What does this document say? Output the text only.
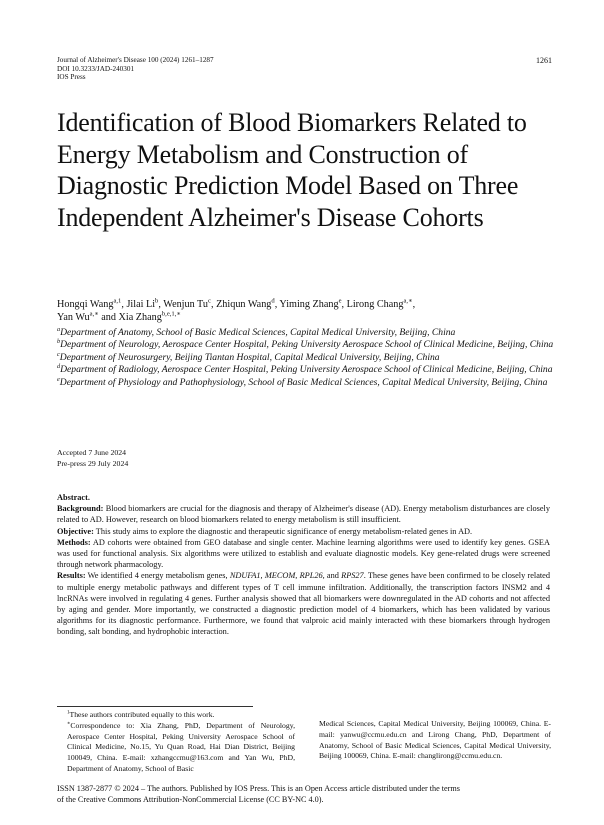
Journal of Alzheimer's Disease 100 (2024) 1261–1287
DOI 10.3233/JAD-240301
IOS Press
1261
Identification of Blood Biomarkers Related to Energy Metabolism and Construction of Diagnostic Prediction Model Based on Three Independent Alzheimer's Disease Cohorts
Hongqi Wang$^{a,1}$, Jilai Li$^b$, Wenjun Tu$^c$, Zhiqun Wang$^d$, Yiming Zhang$^e$, Lirong Chang$^{a,∗}$,
Yan $Wu^{a,∗}$ and Xia Zhang$^{b,e,1,∗}$

$^a$Department of Anatomy, School of Basic Medical Sciences, Capital Medical University, Beijing, China

$^b$Department of Neurology, Aerospace Center Hospital, Peking University Aerospace School of Clinical Medicine, Beijing, China

$^c$Department of Neurosurgery, Beijing Tiantan Hospital, Capital Medical University, Beijing, China

$^d$Department of Radiology, Aerospace Center Hospital, Peking University Aerospace School of Clinical Medicine, Beijing, China

$^e$Department of Physiology and Pathophysiology, School of Basic Medical Sciences, Capital Medical University, Beijing, China

Accepted 7 June 2024
Pre-press 29 July 2024

Abstract.

Background: Blood biomarkers are crucial for the diagnosis and therapy of Alzheimer's disease (AD). Energy metabolism disturbances are closely related to AD. However, research on blood biomarkers related to energy metabolism is still insufficient.

Objective: This study aims to explore the diagnostic and therapeutic significance of energy metabolism-related genes in AD.

Methods: AD cohorts were obtained from GEO database and single center. Machine learning algorithms were used to identify key genes. GSEA was used for functional analysis. Six algorithms were utilized to establish and evaluate diagnostic models. Key gene-related drugs were screened through network pharmacology.

Results: We identified 4 energy metabolism genes, NDUFA1, MECOM, RPL26, and RPS27. These genes have been confirmed to be closely related to multiple energy metabolic pathways and different types of T cell immune infiltration. Additionally, the transcription factors INSM2 and 4 lncRNAs were involved in regulating 4 genes. Further analysis showed that all biomarkers were downregulated in the AD cohorts and not affected by aging and gender. More importantly, we constructed a diagnostic prediction model of 4 biomarkers, which has been validated by various algorithms for its diagnostic performance. Furthermore, we found that valproic acid mainly interacted with these biomarkers through hydrogen bonding, salt bonding, and hydrophobic interaction.

$^1$These authors contributed equally to this work.

∗Correspondence to: Xia Zhang, PhD, Department of Neurology, Aerospace Center Hospital, Peking University Aerospace School of Clinical Medicine, No.15, Yu Quan Road, Hai Dian District, Beijing 100049, China. E-mail: xzhangccmu@163.com and Yan Wu, PhD, Department of Anatomy, School of Basic

Medical Sciences, Capital Medical University, Beijing 100069, China. E-mail: yanwu@ccmu.edu.cn and Lirong Chang, PhD, Department of Anatomy, School of Basic Medical Sciences, Capital Medical University, Beijing 100069, China. E-mail: changlirong@ccmu.edu.cn.
ISSN 1387-2877 © 2024 – The authors. Published by IOS Press. This is an Open Access article distributed under the terms
of the Creative Commons Attribution-NonCommercial License (CC BY-NC 4.0).
